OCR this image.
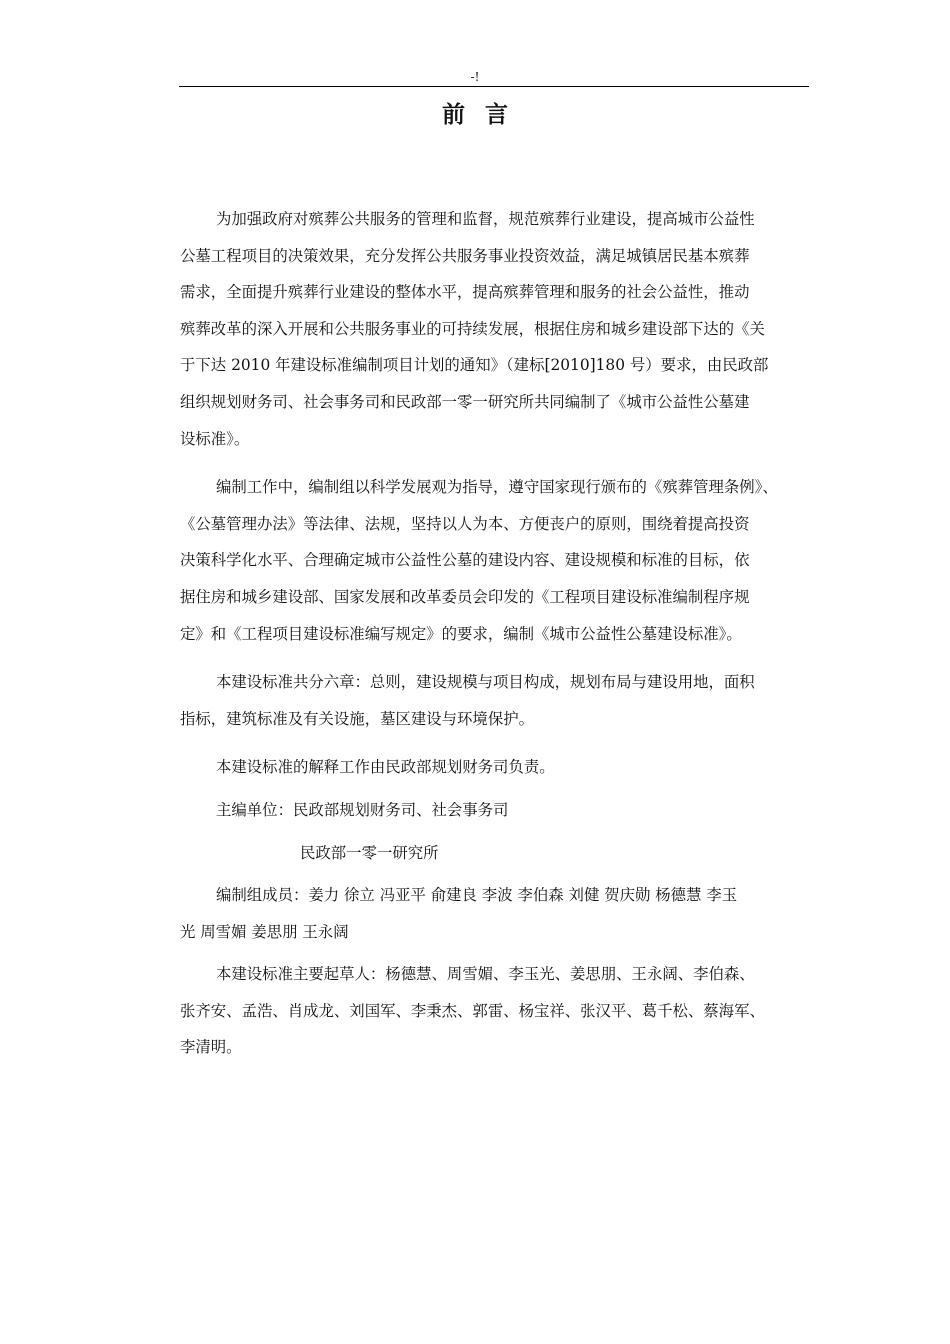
-!
前言

为加强政府对殡葬公共服务的管理和监督，规范殡葬行业建设，提高城市公益性
公墓工程项目的决策效果，充分发挥公共服务事业投资效益，满足城镇居民基本殡葬
需求，全面提升殡葬行业建设的整体水平，提高殡葬管理和服务的社会公益性，推动
殡葬改革的深入开展和公共服务事业的可持续发展，根据住房和城乡建设部下达的《关
于下达 2010 年建设标准编制项目计划的通知》（建标[2010]180 号）要求，由民政部
组织规划财务司、社会事务司和民政部一零一研究所共同编制了《城市公益性公墓建
设标准》。

编制工作中，编制组以科学发展观为指导，遵守国家现行颁布的《殡葬管理条例》、
《公墓管理办法》等法律、法规，坚持以人为本、方便丧户的原则，围绕着提高投资
决策科学化水平、合理确定城市公益性公墓的建设内容、建设规模和标准的目标，依
据住房和城乡建设部、国家发展和改革委员会印发的《工程项目建设标准编制程序规
定》和《工程项目建设标准编写规定》的要求，编制《城市公益性公墓建设标准》。

本建设标准共分六章：总则，建设规模与项目构成，规划布局与建设用地，面积
指标，建筑标准及有关设施，墓区建设与环境保护。

本建设标准的解释工作由民政部规划财务司负责。

主编单位：民政部规划财务司、社会事务司

民政部一零一研究所

编制组成员：姜力 徐立 冯亚平 俞建良 李波 李伯森 刘健 贺庆勋 杨德慧 李玉
光 周雪媚 姜思朋 王永阔

本建设标准主要起草人：杨德慧、周雪媚、李玉光、姜思朋、王永阔、李伯森、
张齐安、孟浩、肖成龙、刘国军、李秉杰、郭雷、杨宝祥、张汉平、葛千松、蔡海军、
李清明。
